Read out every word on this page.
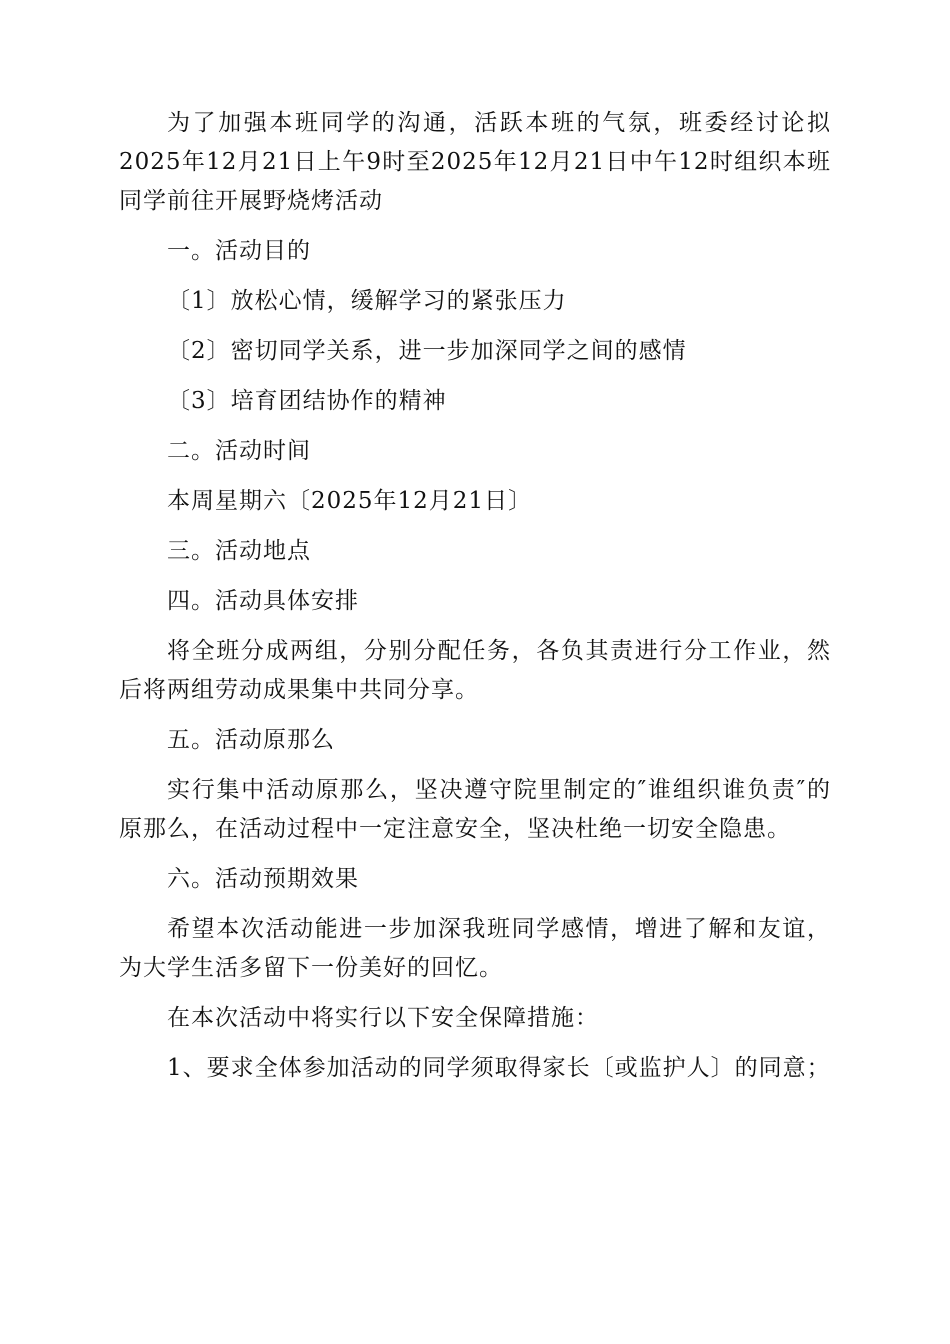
为了加强本班同学的沟通，活跃本班的气氛，班委经讨论拟2025年12月21日上午9时至2025年12月21日中午12时组织本班同学前往开展野烧烤活动

一。活动目的

〔1〕放松心情，缓解学习的紧张压力

〔2〕密切同学关系，进一步加深同学之间的感情

〔3〕培育团结协作的精神

二。活动时间

本周星期六〔2025年12月21日〕

三。活动地点

四。活动具体安排

将全班分成两组，分别分配任务，各负其责进行分工作业，然后将两组劳动成果集中共同分享。

五。活动原那么

实行集中活动原那么，坚决遵守院里制定的″谁组织谁负责″的原那么，在活动过程中一定注意安全，坚决杜绝一切安全隐患。

六。活动预期效果

希望本次活动能进一步加深我班同学感情，增进了解和友谊，为大学生活多留下一份美好的回忆。

在本次活动中将实行以下安全保障措施：

1、要求全体参加活动的同学须取得家长〔或监护人〕的同意；
